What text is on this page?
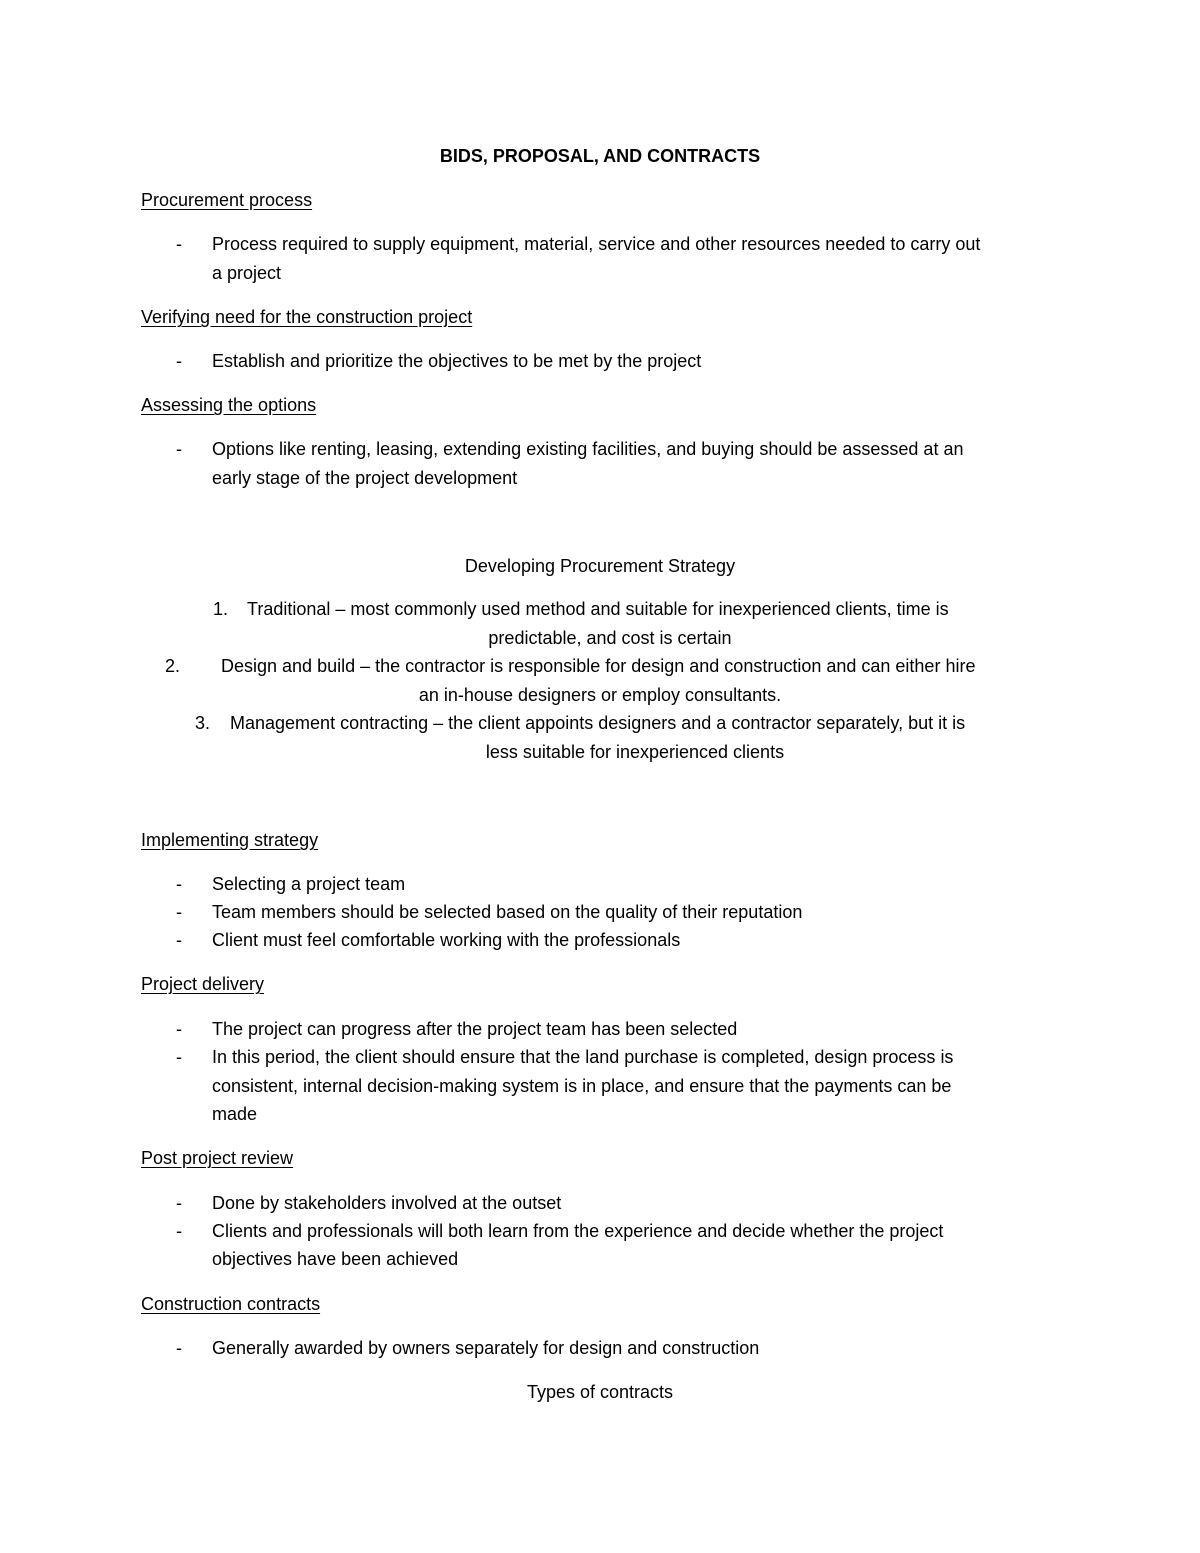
BIDS, PROPOSAL, AND CONTRACTS
Procurement process
- Process required to supply equipment, material, service and other resources needed to carry out
a project
Verifying need for the construction project
- Establish and prioritize the objectives to be met by the project
Assessing the options
- Options like renting, leasing, extending existing facilities, and buying should be assessed at an
early stage of the project development
Developing Procurement Strategy
1. Traditional – most commonly used method and suitable for inexperienced clients, time is
predictable, and cost is certain
2. Design and build – the contractor is responsible for design and construction and can either hire
an in-house designers or employ consultants.
3. Management contracting – the client appoints designers and a contractor separately, but it is
less suitable for inexperienced clients
Implementing strategy
- Selecting a project team
- Team members should be selected based on the quality of their reputation
- Client must feel comfortable working with the professionals
Project delivery
- The project can progress after the project team has been selected
- In this period, the client should ensure that the land purchase is completed, design process is
consistent, internal decision-making system is in place, and ensure that the payments can be
made
Post project review
- Done by stakeholders involved at the outset
- Clients and professionals will both learn from the experience and decide whether the project
objectives have been achieved
Construction contracts
- Generally awarded by owners separately for design and construction
Types of contracts
